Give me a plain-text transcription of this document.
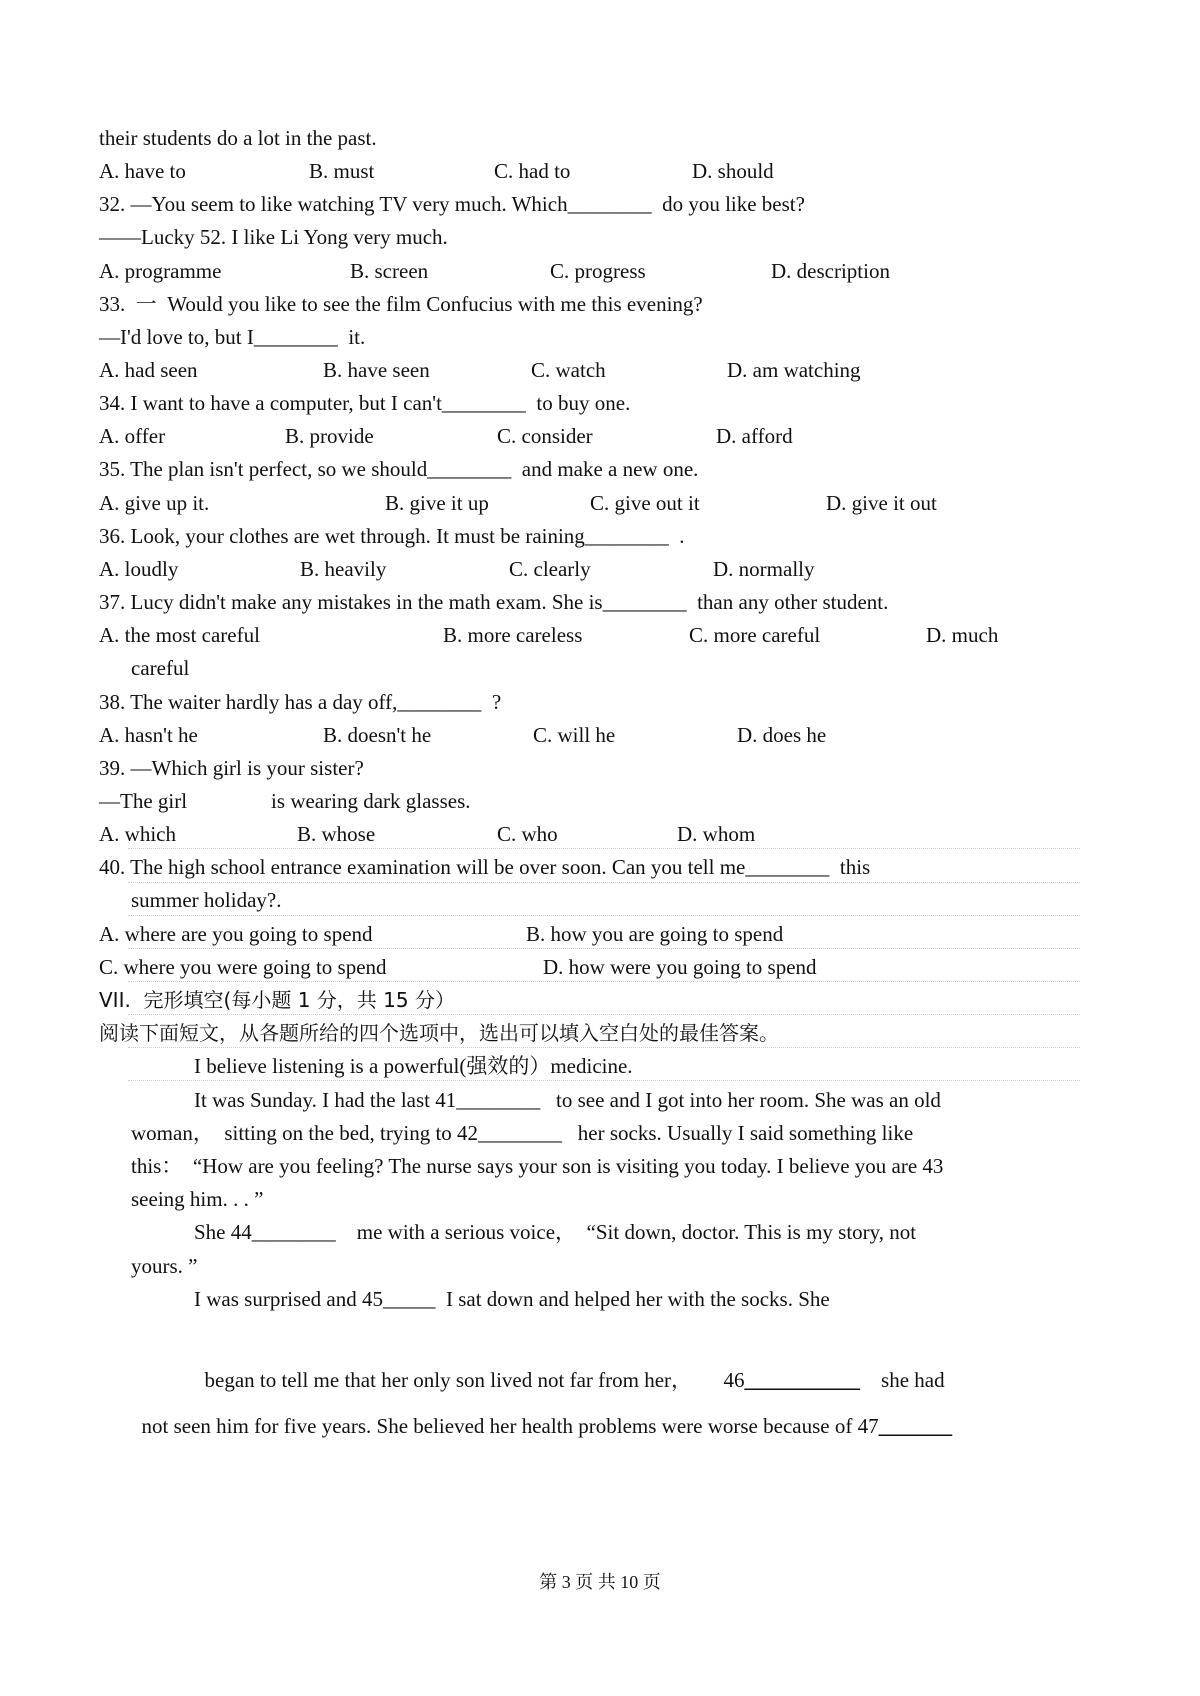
their students do a lot in the past.
A. have to	B. must	C. had to	D. should
32. —You seem to like watching TV very much. Which________  do you like best?
——Lucky 52. I like Li Yong very much.
A. programme	B. screen	C. progress	D. description
33.  一  Would you like to see the film Confucius with me this evening?
—I'd love to, but I________  it.
A. had seen	B. have seen	C. watch	D. am watching
34. I want to have a computer, but I can't________  to buy one.
A. offer	B. provide	C. consider	D. afford
35. The plan isn't perfect, so we should________  and make a new one.
A. give up it.	B. give it up	C. give out it	D. give it out
36. Look, your clothes are wet through. It must be raining________  .
A. loudly	B. heavily	C. clearly	D. normally
37. Lucy didn't make any mistakes in the math exam. She is________  than any other student.
A. the most careful	B. more careless	C. more careful	D. much
careful
38. The waiter hardly has a day off,________  ?
A. hasn't he	B. doesn't he	C. will he	D. does he
39. —Which girl is your sister?
—The girl                is wearing dark glasses.
A. which	B. whose	C. who	D. whom
40. The high school entrance examination will be over soon. Can you tell me________  this
summer holiday?.
A. where are you going to spend	B. how you are going to spend
C. where you were going to spend	D. how were you going to spend
VII.  完形填空(每小题 1 分，共 15 分）
阅读下面短文，从各题所给的四个选项中，选出可以填入空白处的最佳答案。
I believe listening is a powerful(强效的）medicine.
It was Sunday. I had the last 41________   to see and I got into her room. She was an old
woman，  sitting on the bed, trying to 42________   her socks. Usually I said something like
this：  “How are you feeling? The nurse says your son is visiting you today. I believe you are 43
seeing him. . . ”
She 44________    me with a serious voice，  “Sit down, doctor. This is my story, not
yours. ”
I was surprised and 45_____  I sat down and helped her with the socks. She

began to tell me that her only son lived not far from her，      46___________    she had

not seen him for five years. She believed her health problems were worse because of 47_______

第 3 页 共 10 页
